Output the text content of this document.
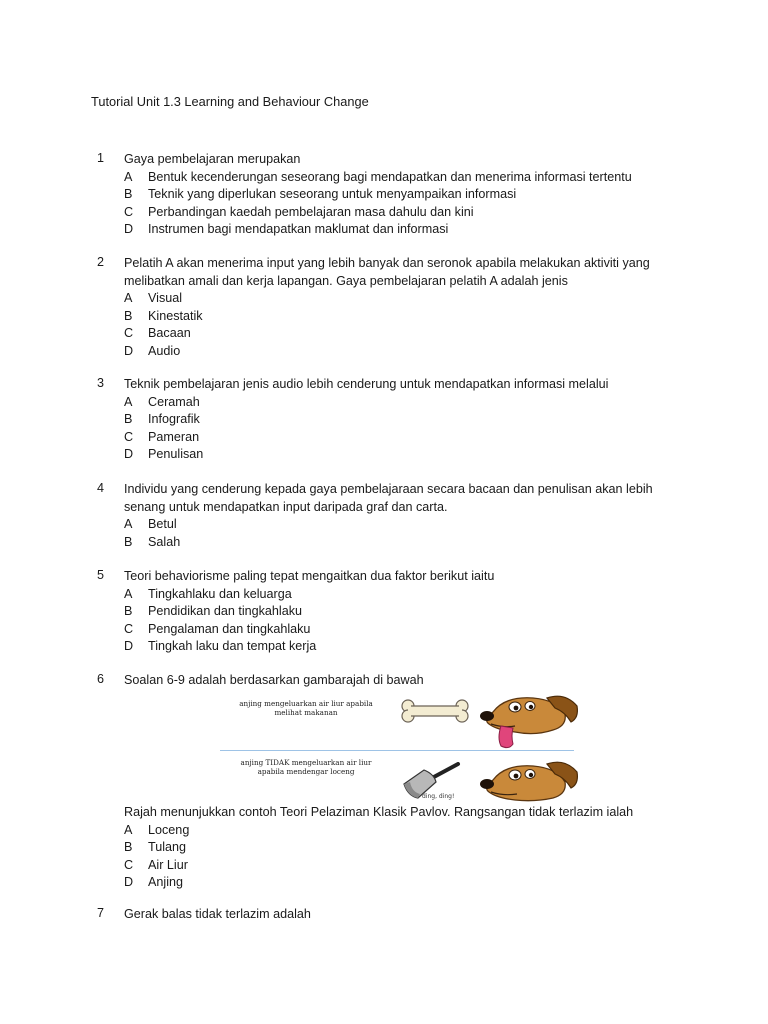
Tutorial Unit 1.3 Learning and Behaviour Change
1 Gaya pembelajaran merupakan
A Bentuk kecenderungan seseorang bagi mendapatkan dan menerima informasi tertentu
B Teknik yang diperlukan seseorang untuk menyampaikan informasi
C Perbandingan kaedah pembelajaran masa dahulu dan kini
D Instrumen bagi mendapatkan maklumat dan informasi
2 Pelatih A akan menerima input yang lebih banyak dan seronok apabila melakukan aktiviti yang melibatkan amali dan kerja lapangan. Gaya pembelajaran pelatih A adalah jenis
A Visual
B Kinestatik
C Bacaan
D Audio
3 Teknik pembelajaran jenis audio lebih cenderung untuk mendapatkan informasi melalui
A Ceramah
B Infografik
C Pameran
D Penulisan
4 Individu yang cenderung kepada gaya pembelajaraan secara bacaan dan penulisan akan lebih senang untuk mendapatkan input daripada graf dan carta.
A Betul
B Salah
5 Teori behaviorisme paling tepat mengaitkan dua faktor berikut iaitu
A Tingkahlaku dan keluarga
B Pendidikan dan tingkahlaku
C Pengalaman dan tingkahlaku
D Tingkah laku dan tempat kerja
6 Soalan 6-9 adalah berdasarkan gambarajah di bawah
Rajah menunjukkan contoh Teori Pelaziman Klasik Pavlov. Rangsangan tidak terlazim ialah
A Loceng
B Tulang
C Air Liur
D Anjing
anjing mengeluarkan air liur apabila
melihat makanan
anjing TIDAK mengeluarkan air liur
apabila mendengar loceng
ding, ding!
7 Gerak balas tidak terlazim adalah
